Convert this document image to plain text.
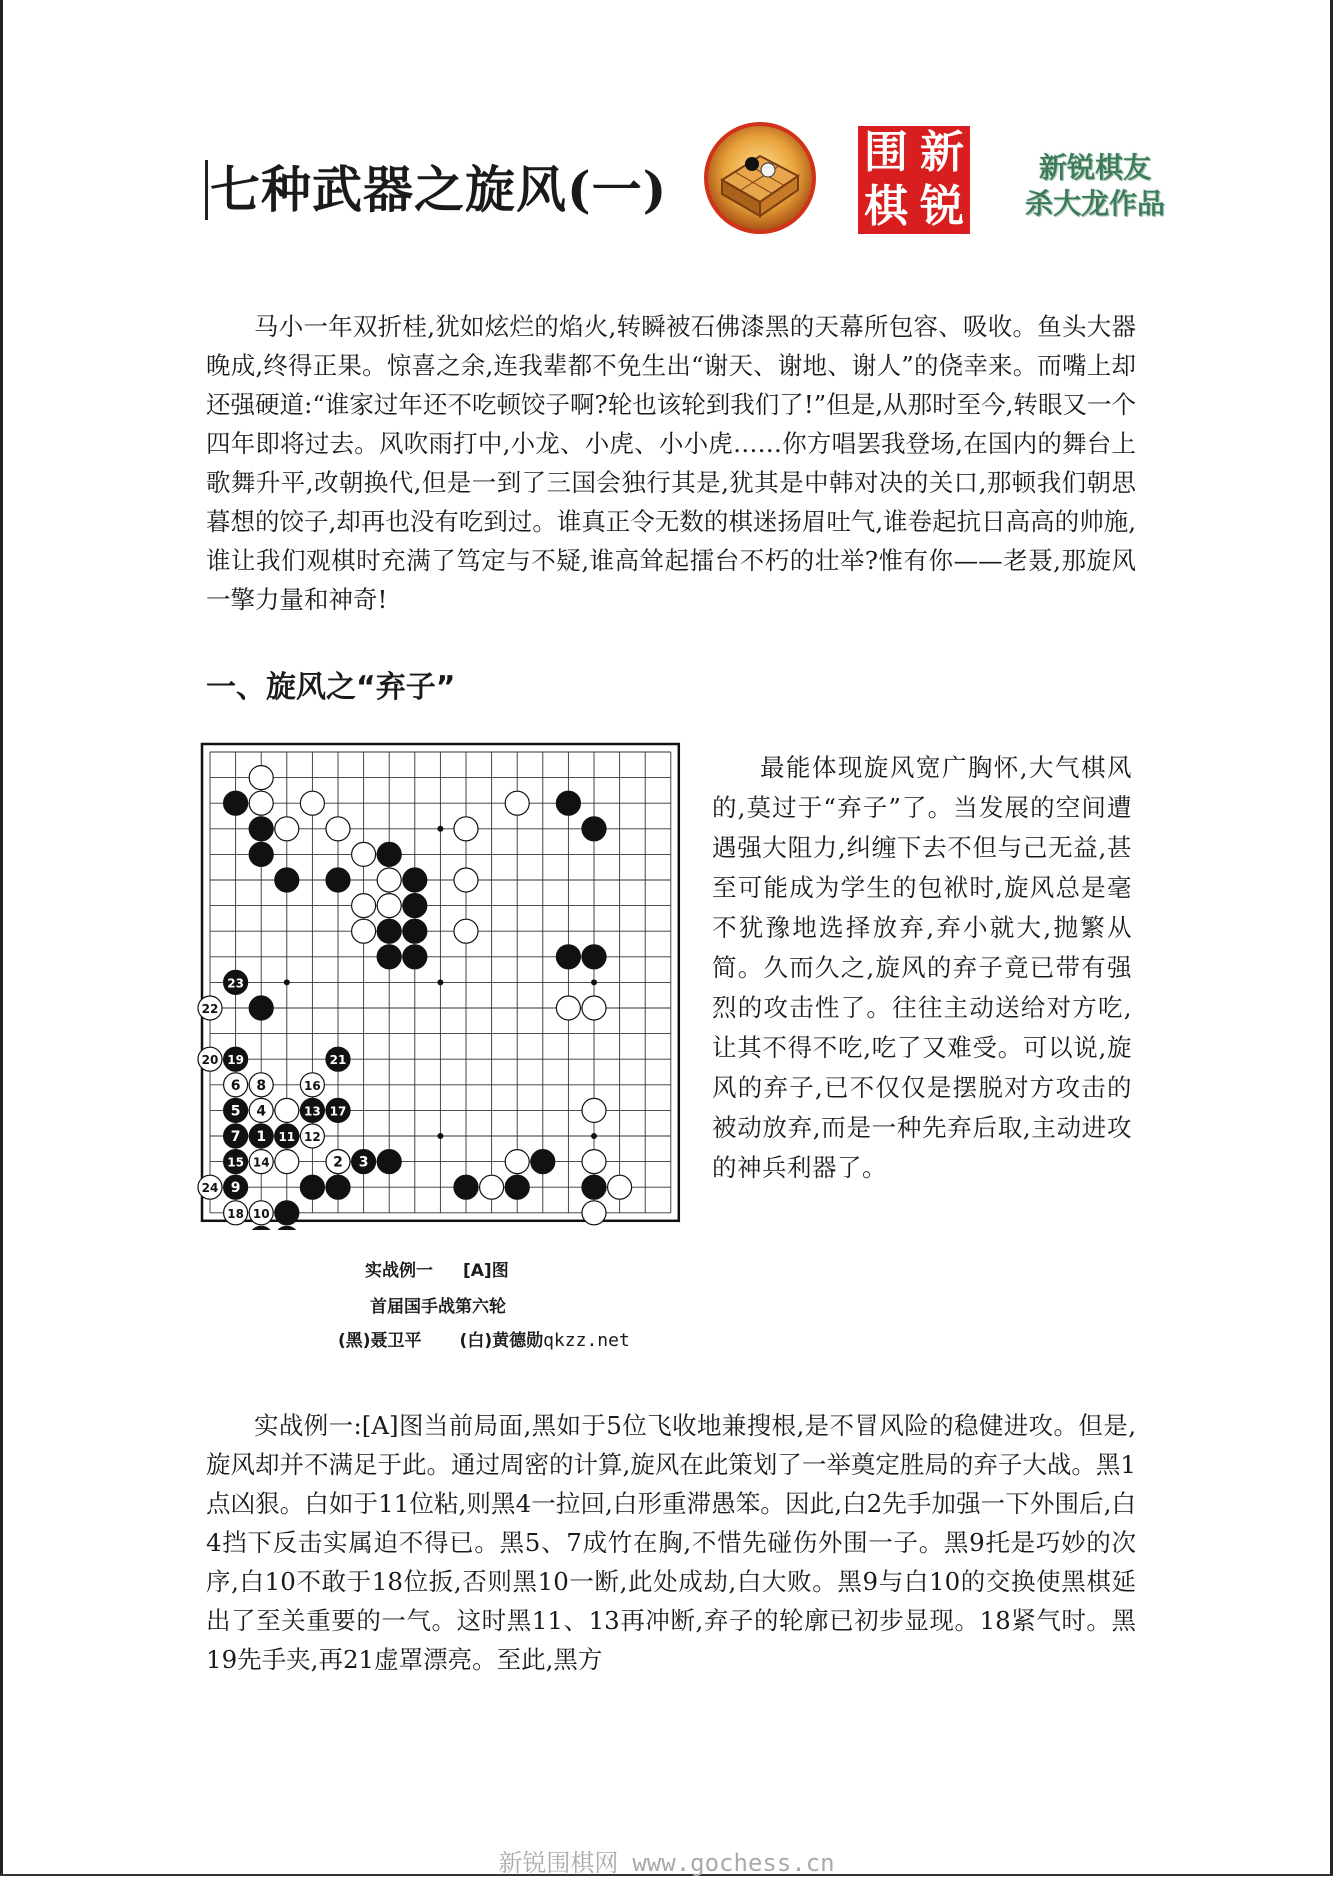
七种武器之旋风(一)
围 新
棋 锐
新锐棋友
杀大龙作品

马小一年双折桂,犹如炫烂的焰火,转瞬被石佛漆黑的天幕所包容、吸收。鱼头大器晚成,终得正果。惊喜之余,连我辈都不免生出“谢天、谢地、谢人”的侥幸来。而嘴上却还强硬道:“谁家过年还不吃顿饺子啊?轮也该轮到我们了!”但是,从那时至今,转眼又一个四年即将过去。风吹雨打中,小龙、小虎、小小虎……你方唱罢我登场,在国内的舞台上歌舞升平,改朝换代,但是一到了三国会独行其是,犹其是中韩对决的关口,那顿我们朝思暮想的饺子,却再也没有吃到过。谁真正令无数的棋迷扬眉吐气,谁卷起抗日高高的帅施,谁让我们观棋时充满了笃定与不疑,谁高耸起擂台不朽的壮举?惟有你——老聂,那旋风一擎力量和神奇!

一、旋风之“弃子”
23
22
20 19	21
6 8	16
5 4	13 17
7 1 11 12
2 3
15 14
24 9
18 10

最能体现旋风宽广胸怀,大气棋风的,莫过于“弃子”了。当发展的空间遭遇强大阻力,纠缠下去不但与己无益,甚至可能成为学生的包袱时,旋风总是毫不犹豫地选择放弃,弃小就大,抛繁从简。久而久之,旋风的弃子竟已带有强烈的攻击性了。往往主动送给对方吃,让其不得不吃,吃了又难受。可以说,旋风的弃子,已不仅仅是摆脱对方攻击的被动放弃,而是一种先弃后取,主动进攻的神兵利器了。

实战例一 [A]图
首届国手战第六轮
(黑)聂卫平 (白)黄德勋qkzz.net

实战例一:[A]图当前局面,黑如于5位飞收地兼搜根,是不冒风险的稳健进攻。但是,旋风却并不满足于此。通过周密的计算,旋风在此策划了一举奠定胜局的弃子大战。黑1点凶狠。白如于11位粘,则黑4一拉回,白形重滞愚笨。因此,白2先手加强一下外围后,白4挡下反击实属迫不得已。黑5、7成竹在胸,不惜先碰伤外围一子。黑9托是巧妙的次序,白10不敢于18位扳,否则黑10一断,此处成劫,白大败。黑9与白10的交换使黑棋延出了至关重要的一气。这时黑11、13再冲断,弃子的轮廓已初步显现。18紧气时。黑19先手夹,再21虚罩漂亮。至此,黑方

新锐围棋网 www.gochess.cn
